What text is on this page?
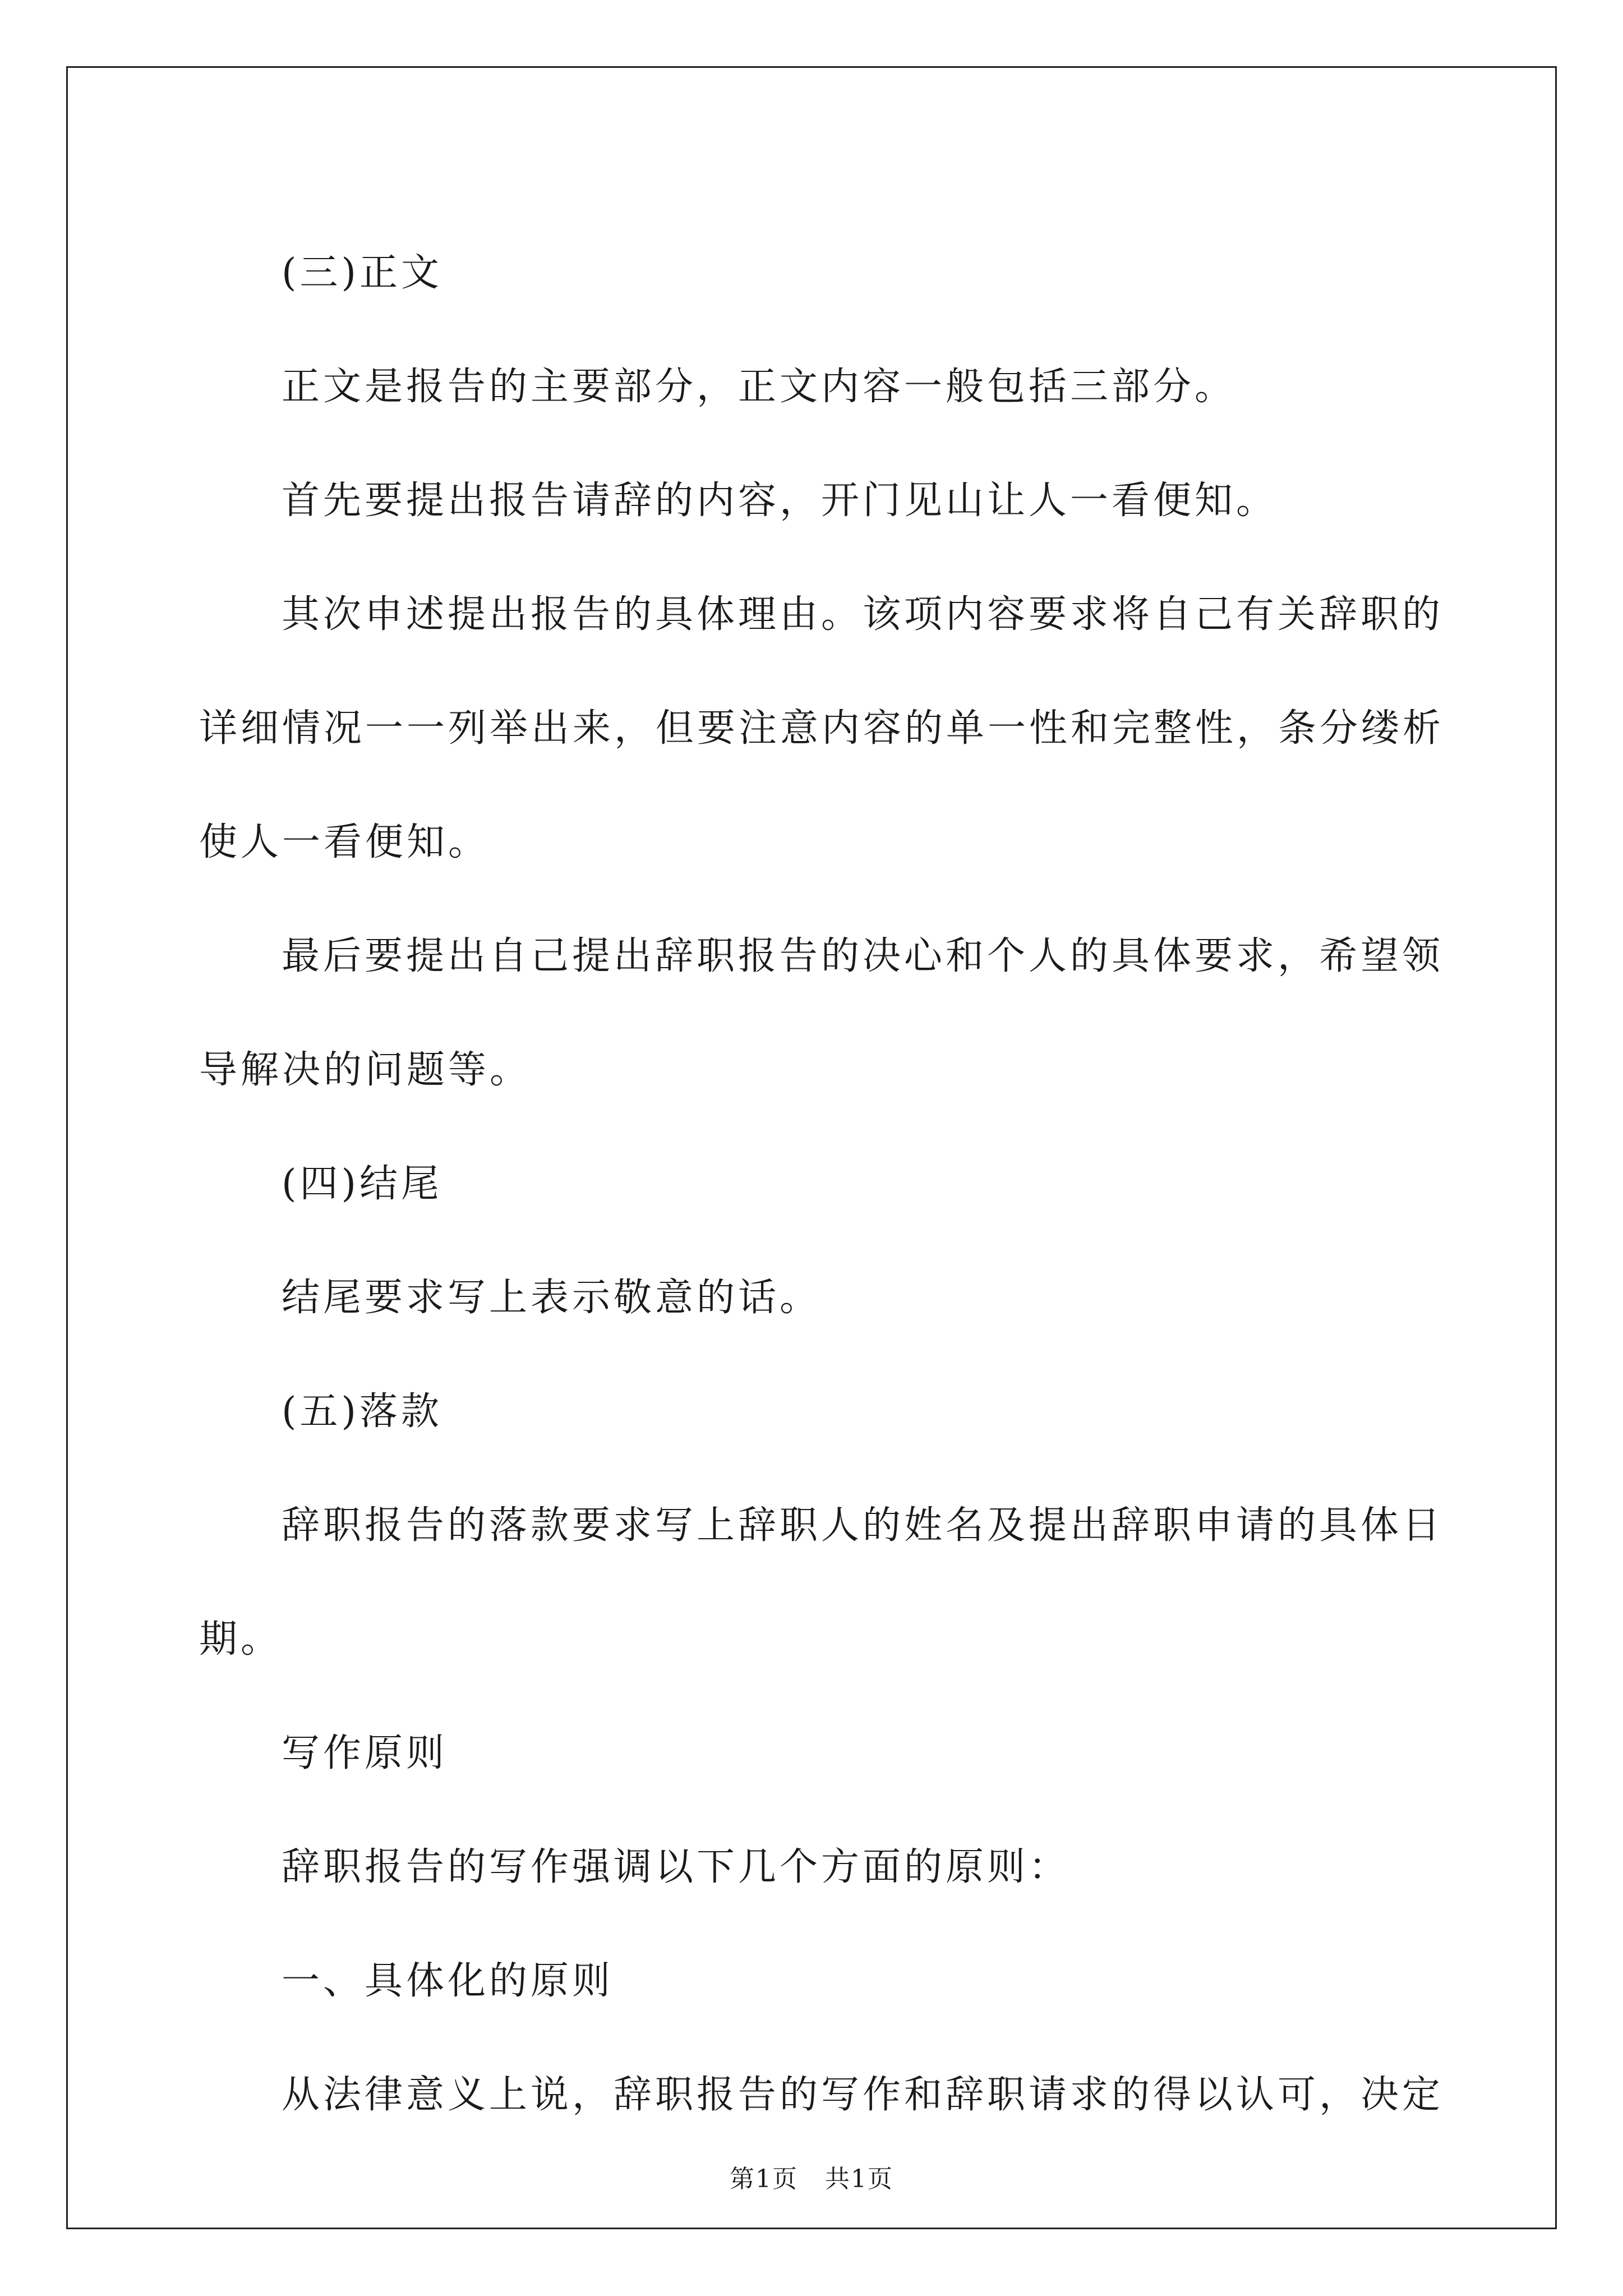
(三)正文

正文是报告的主要部分，正文内容一般包括三部分。

首先要提出报告请辞的内容，开门见山让人一看便知。

其次申述提出报告的具体理由。该项内容要求将自己有关辞职的

详细情况一一列举出来，但要注意内容的单一性和完整性，条分缕析

使人一看便知。

最后要提出自己提出辞职报告的决心和个人的具体要求，希望领

导解决的问题等。

(四)结尾

结尾要求写上表示敬意的话。

(五)落款

辞职报告的落款要求写上辞职人的姓名及提出辞职申请的具体日

期。

写作原则

辞职报告的写作强调以下几个方面的原则：

一、具体化的原则

从法律意义上说，辞职报告的写作和辞职请求的得以认可，决定

第1页 共1页
